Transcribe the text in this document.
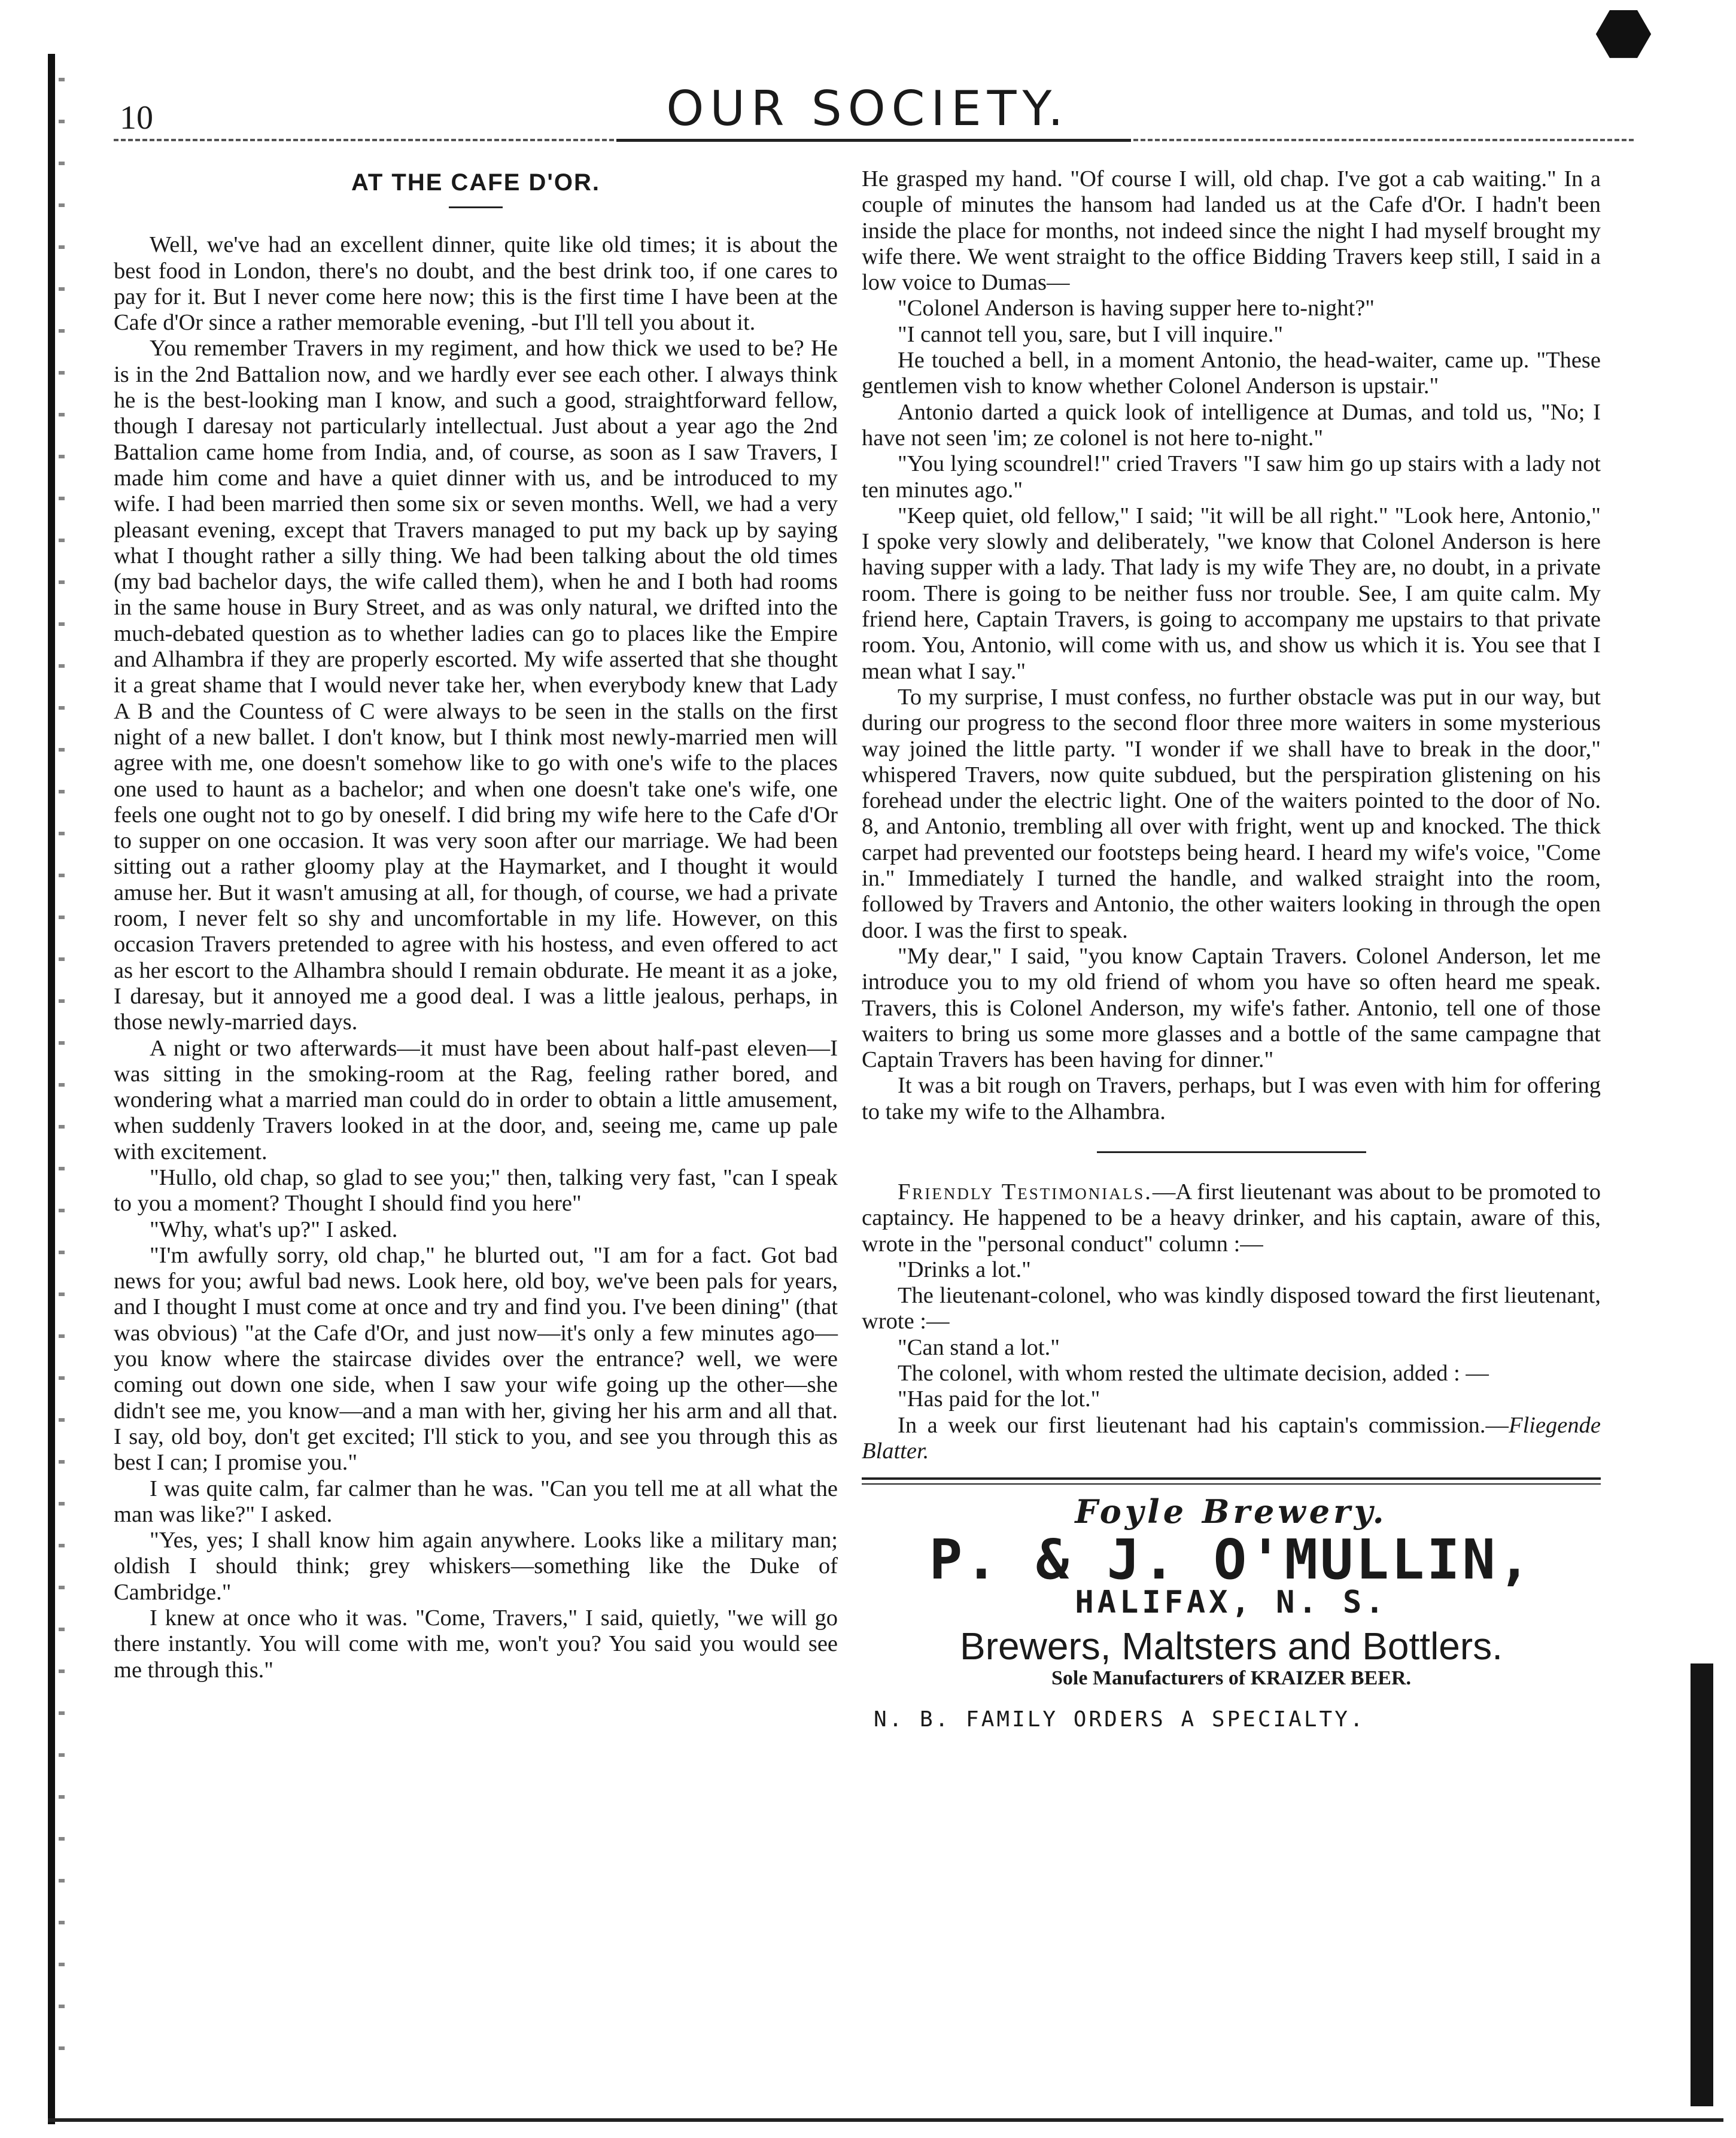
⬣
10	OUR SOCIETY.
AT THE CAFE D'OR.

Well, we've had an excellent dinner, quite like old times; it is about the best food in London, there's no doubt, and the best drink too, if one cares to pay for it. But I never come here now; this is the first time I have been at the Cafe d'Or since a rather memorable evening, -but I'll tell you about it.

You remember Travers in my regiment, and how thick we used to be? He is in the 2nd Battalion now, and we hardly ever see each other. I always think he is the best-looking man I know, and such a good, straightforward fellow, though I daresay not particularly intellectual. Just about a year ago the 2nd Battalion came home from India, and, of course, as soon as I saw Travers, I made him come and have a quiet dinner with us, and be introduced to my wife. I had been married then some six or seven months. Well, we had a very pleasant evening, except that Travers managed to put my back up by saying what I thought rather a silly thing. We had been talking about the old times (my bad bachelor days, the wife called them), when he and I both had rooms in the same house in Bury Street, and as was only natural, we drifted into the much-debated question as to whether ladies can go to places like the Empire and Alhambra if they are properly escorted. My wife asserted that she thought it a great shame that I would never take her, when everybody knew that Lady A B and the Countess of C were always to be seen in the stalls on the first night of a new ballet. I don't know, but I think most newly-married men will agree with me, one doesn't somehow like to go with one's wife to the places one used to haunt as a bachelor; and when one doesn't take one's wife, one feels one ought not to go by oneself. I did bring my wife here to the Cafe d'Or to supper on one occasion. It was very soon after our marriage. We had been sitting out a rather gloomy play at the Haymarket, and I thought it would amuse her. But it wasn't amusing at all, for though, of course, we had a private room, I never felt so shy and uncomfortable in my life. However, on this occasion Travers pretended to agree with his hostess, and even offered to act as her escort to the Alhambra should I remain obdurate. He meant it as a joke, I daresay, but it annoyed me a good deal. I was a little jealous, perhaps, in those newly-married days.

A night or two afterwards—it must have been about half-past eleven—I was sitting in the smoking-room at the Rag, feeling rather bored, and wondering what a married man could do in order to obtain a little amusement, when suddenly Travers looked in at the door, and, seeing me, came up pale with excitement.

"Hullo, old chap, so glad to see you;" then, talking very fast, "can I speak to you a moment? Thought I should find you here"

"Why, what's up?" I asked.

"I'm awfully sorry, old chap," he blurted out, "I am for a fact. Got bad news for you; awful bad news. Look here, old boy, we've been pals for years, and I thought I must come at once and try and find you. I've been dining" (that was obvious) "at the Cafe d'Or, and just now—it's only a few minutes ago—you know where the staircase divides over the entrance? well, we were coming out down one side, when I saw your wife going up the other—she didn't see me, you know—and a man with her, giving her his arm and all that. I say, old boy, don't get excited; I'll stick to you, and see you through this as best I can; I promise you."

I was quite calm, far calmer than he was. "Can you tell me at all what the man was like?" I asked.

"Yes, yes; I shall know him again anywhere. Looks like a military man; oldish I should think; grey whiskers—something like the Duke of Cambridge."

I knew at once who it was. "Come, Travers," I said, quietly, "we will go there instantly. You will come with me, won't you? You said you would see me through this."

He grasped my hand. "Of course I will, old chap. I've got a cab waiting." In a couple of minutes the hansom had landed us at the Cafe d'Or. I hadn't been inside the place for months, not indeed since the night I had myself brought my wife there. We went straight to the office Bidding Travers keep still, I said in a low voice to Dumas—

"Colonel Anderson is having supper here to-night?"

"I cannot tell you, sare, but I vill inquire."

He touched a bell, in a moment Antonio, the head-waiter, came up. "These gentlemen vish to know whether Colonel Anderson is upstair."

Antonio darted a quick look of intelligence at Dumas, and told us, "No; I have not seen 'im; ze colonel is not here to-night."

"You lying scoundrel!" cried Travers "I saw him go up stairs with a lady not ten minutes ago."

"Keep quiet, old fellow," I said; "it will be all right." "Look here, Antonio," I spoke very slowly and deliberately, "we know that Colonel Anderson is here having supper with a lady. That lady is my wife They are, no doubt, in a private room. There is going to be neither fuss nor trouble. See, I am quite calm. My friend here, Captain Travers, is going to accompany me upstairs to that private room. You, Antonio, will come with us, and show us which it is. You see that I mean what I say."

To my surprise, I must confess, no further obstacle was put in our way, but during our progress to the second floor three more waiters in some mysterious way joined the little party. "I wonder if we shall have to break in the door," whispered Travers, now quite subdued, but the perspiration glistening on his forehead under the electric light. One of the waiters pointed to the door of No. 8, and Antonio, trembling all over with fright, went up and knocked. The thick carpet had prevented our footsteps being heard. I heard my wife's voice, "Come in." Immediately I turned the handle, and walked straight into the room, followed by Travers and Antonio, the other waiters looking in through the open door. I was the first to speak.

"My dear," I said, "you know Captain Travers. Colonel Anderson, let me introduce you to my old friend of whom you have so often heard me speak. Travers, this is Colonel Anderson, my wife's father. Antonio, tell one of those waiters to bring us some more glasses and a bottle of the same campagne that Captain Travers has been having for dinner."

It was a bit rough on Travers, perhaps, but I was even with him for offering to take my wife to the Alhambra.

Friendly Testimonials.—A first lieutenant was about to be promoted to captaincy. He happened to be a heavy drinker, and his captain, aware of this, wrote in the "personal conduct" column :—

"Drinks a lot."

The lieutenant-colonel, who was kindly disposed toward the first lieutenant, wrote :—

"Can stand a lot."

The colonel, with whom rested the ultimate decision, added : —

"Has paid for the lot."

In a week our first lieutenant had his captain's commission.—Fliegende Blatter.

Foyle Brewery.
P. & J. O'MULLIN,
HALIFAX, N. S.
Brewers, Maltsters and Bottlers.
Sole Manufacturers of KRAIZER BEER.
N. B. FAMILY ORDERS A SPECIALTY.
